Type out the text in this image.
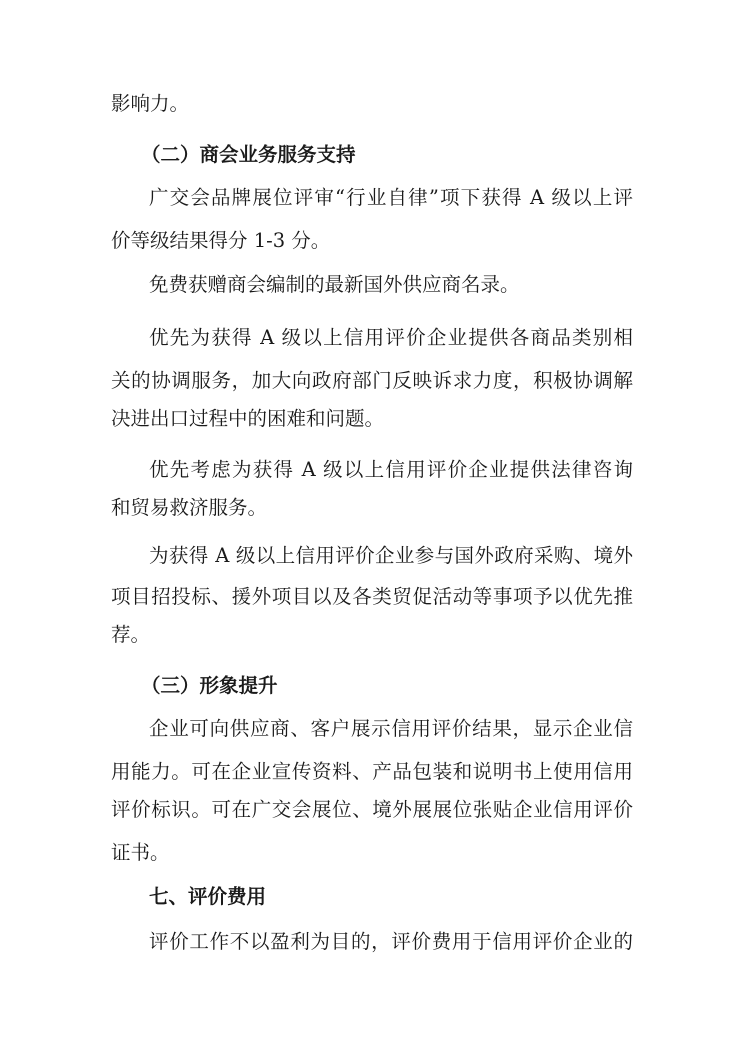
影响力。
（二）商会业务服务支持
广交会品牌展位评审“行业自律”项下获得 A 级以上评
价等级结果得分 1-3 分。
免费获赠商会编制的最新国外供应商名录。
优先为获得 A 级以上信用评价企业提供各商品类别相
关的协调服务，加大向政府部门反映诉求力度，积极协调解
决进出口过程中的困难和问题。
优先考虑为获得 A 级以上信用评价企业提供法律咨询
和贸易救济服务。
为获得 A 级以上信用评价企业参与国外政府采购、境外
项目招投标、援外项目以及各类贸促活动等事项予以优先推
荐。
（三）形象提升
企业可向供应商、客户展示信用评价结果，显示企业信
用能力。可在企业宣传资料、产品包装和说明书上使用信用
评价标识。可在广交会展位、境外展展位张贴企业信用评价
证书。
七、评价费用
评价工作不以盈利为目的，评价费用于信用评价企业的
